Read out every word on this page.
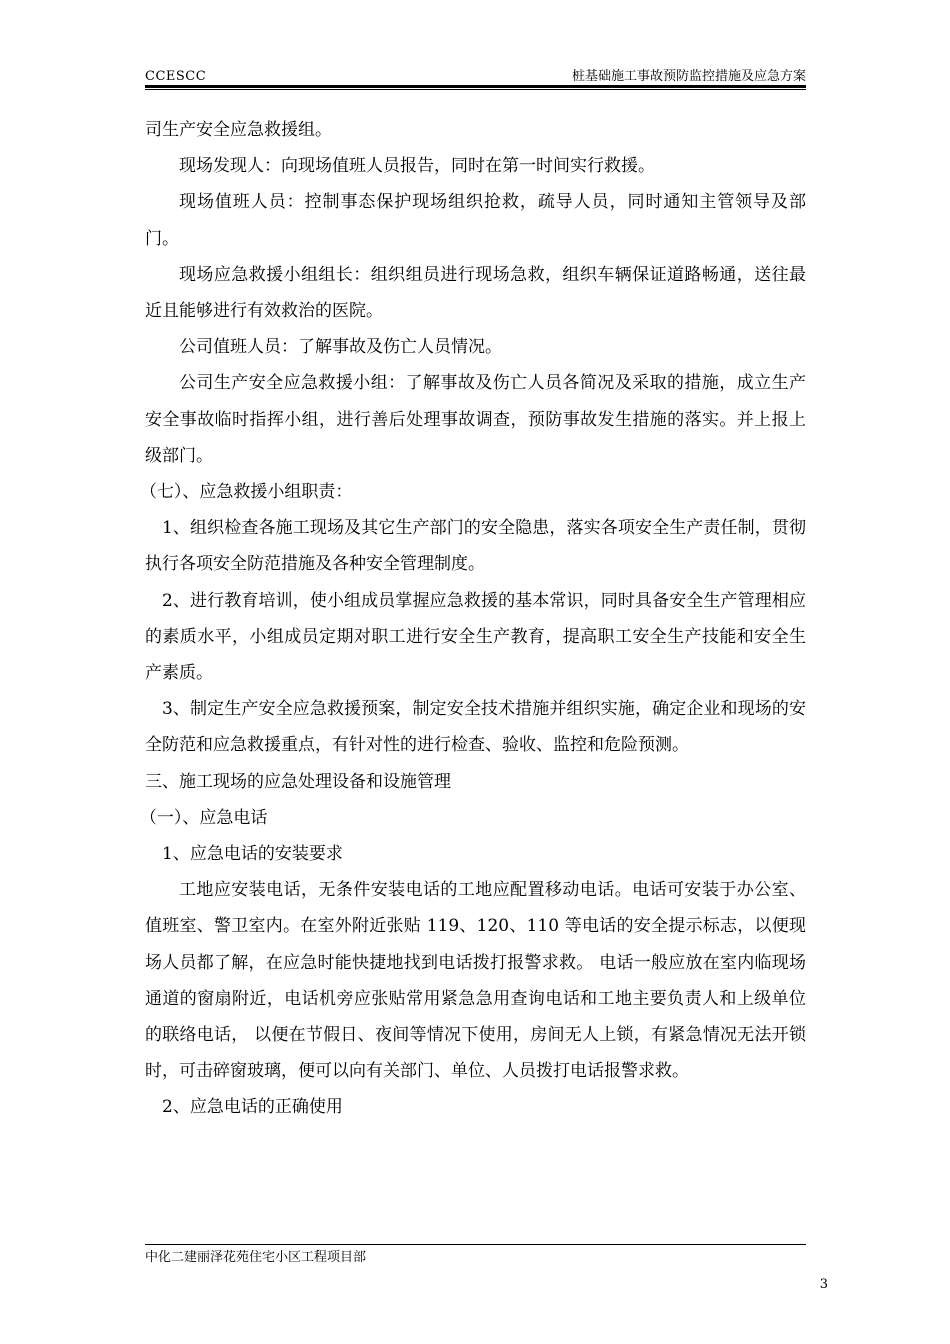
CCESCC	桩基础施工事故预防监控措施及应急方案

司生产安全应急救援组。

现场发现人：向现场值班人员报告，同时在第一时间实行救援。

现场值班人员：控制事态保护现场组织抢救，疏导人员，同时通知主管领导及部门。

现场应急救援小组组长：组织组员进行现场急救，组织车辆保证道路畅通，送往最近且能够进行有效救治的医院。

公司值班人员：了解事故及伤亡人员情况。

公司生产安全应急救援小组：了解事故及伤亡人员各简况及采取的措施，成立生产安全事故临时指挥小组，进行善后处理事故调查，预防事故发生措施的落实。并上报上级部门。

（七）、应急救援小组职责：

1、组织检查各施工现场及其它生产部门的安全隐患，落实各项安全生产责任制，贯彻执行各项安全防范措施及各种安全管理制度。

2、进行教育培训，使小组成员掌握应急救援的基本常识，同时具备安全生产管理相应的素质水平，小组成员定期对职工进行安全生产教育，提高职工安全生产技能和安全生产素质。

3、制定生产安全应急救援预案，制定安全技术措施并组织实施，确定企业和现场的安全防范和应急救援重点，有针对性的进行检查、验收、监控和危险预测。

三、施工现场的应急处理设备和设施管理

（一）、应急电话

1、应急电话的安装要求

工地应安装电话，无条件安装电话的工地应配置移动电话。电话可安装于办公室、值班室、警卫室内。在室外附近张贴 119、120、110 等电话的安全提示标志，以便现场人员都了解，在应急时能快捷地找到电话拨打报警求救。 电话一般应放在室内临现场通道的窗扇附近，电话机旁应张贴常用紧急急用查询电话和工地主要负责人和上级单位的联络电话， 以便在节假日、夜间等情况下使用，房间无人上锁，有紧急情况无法开锁时，可击碎窗玻璃，便可以向有关部门、单位、人员拨打电话报警求救。

2、应急电话的正确使用

中化二建丽泽花苑住宅小区工程项目部
3
